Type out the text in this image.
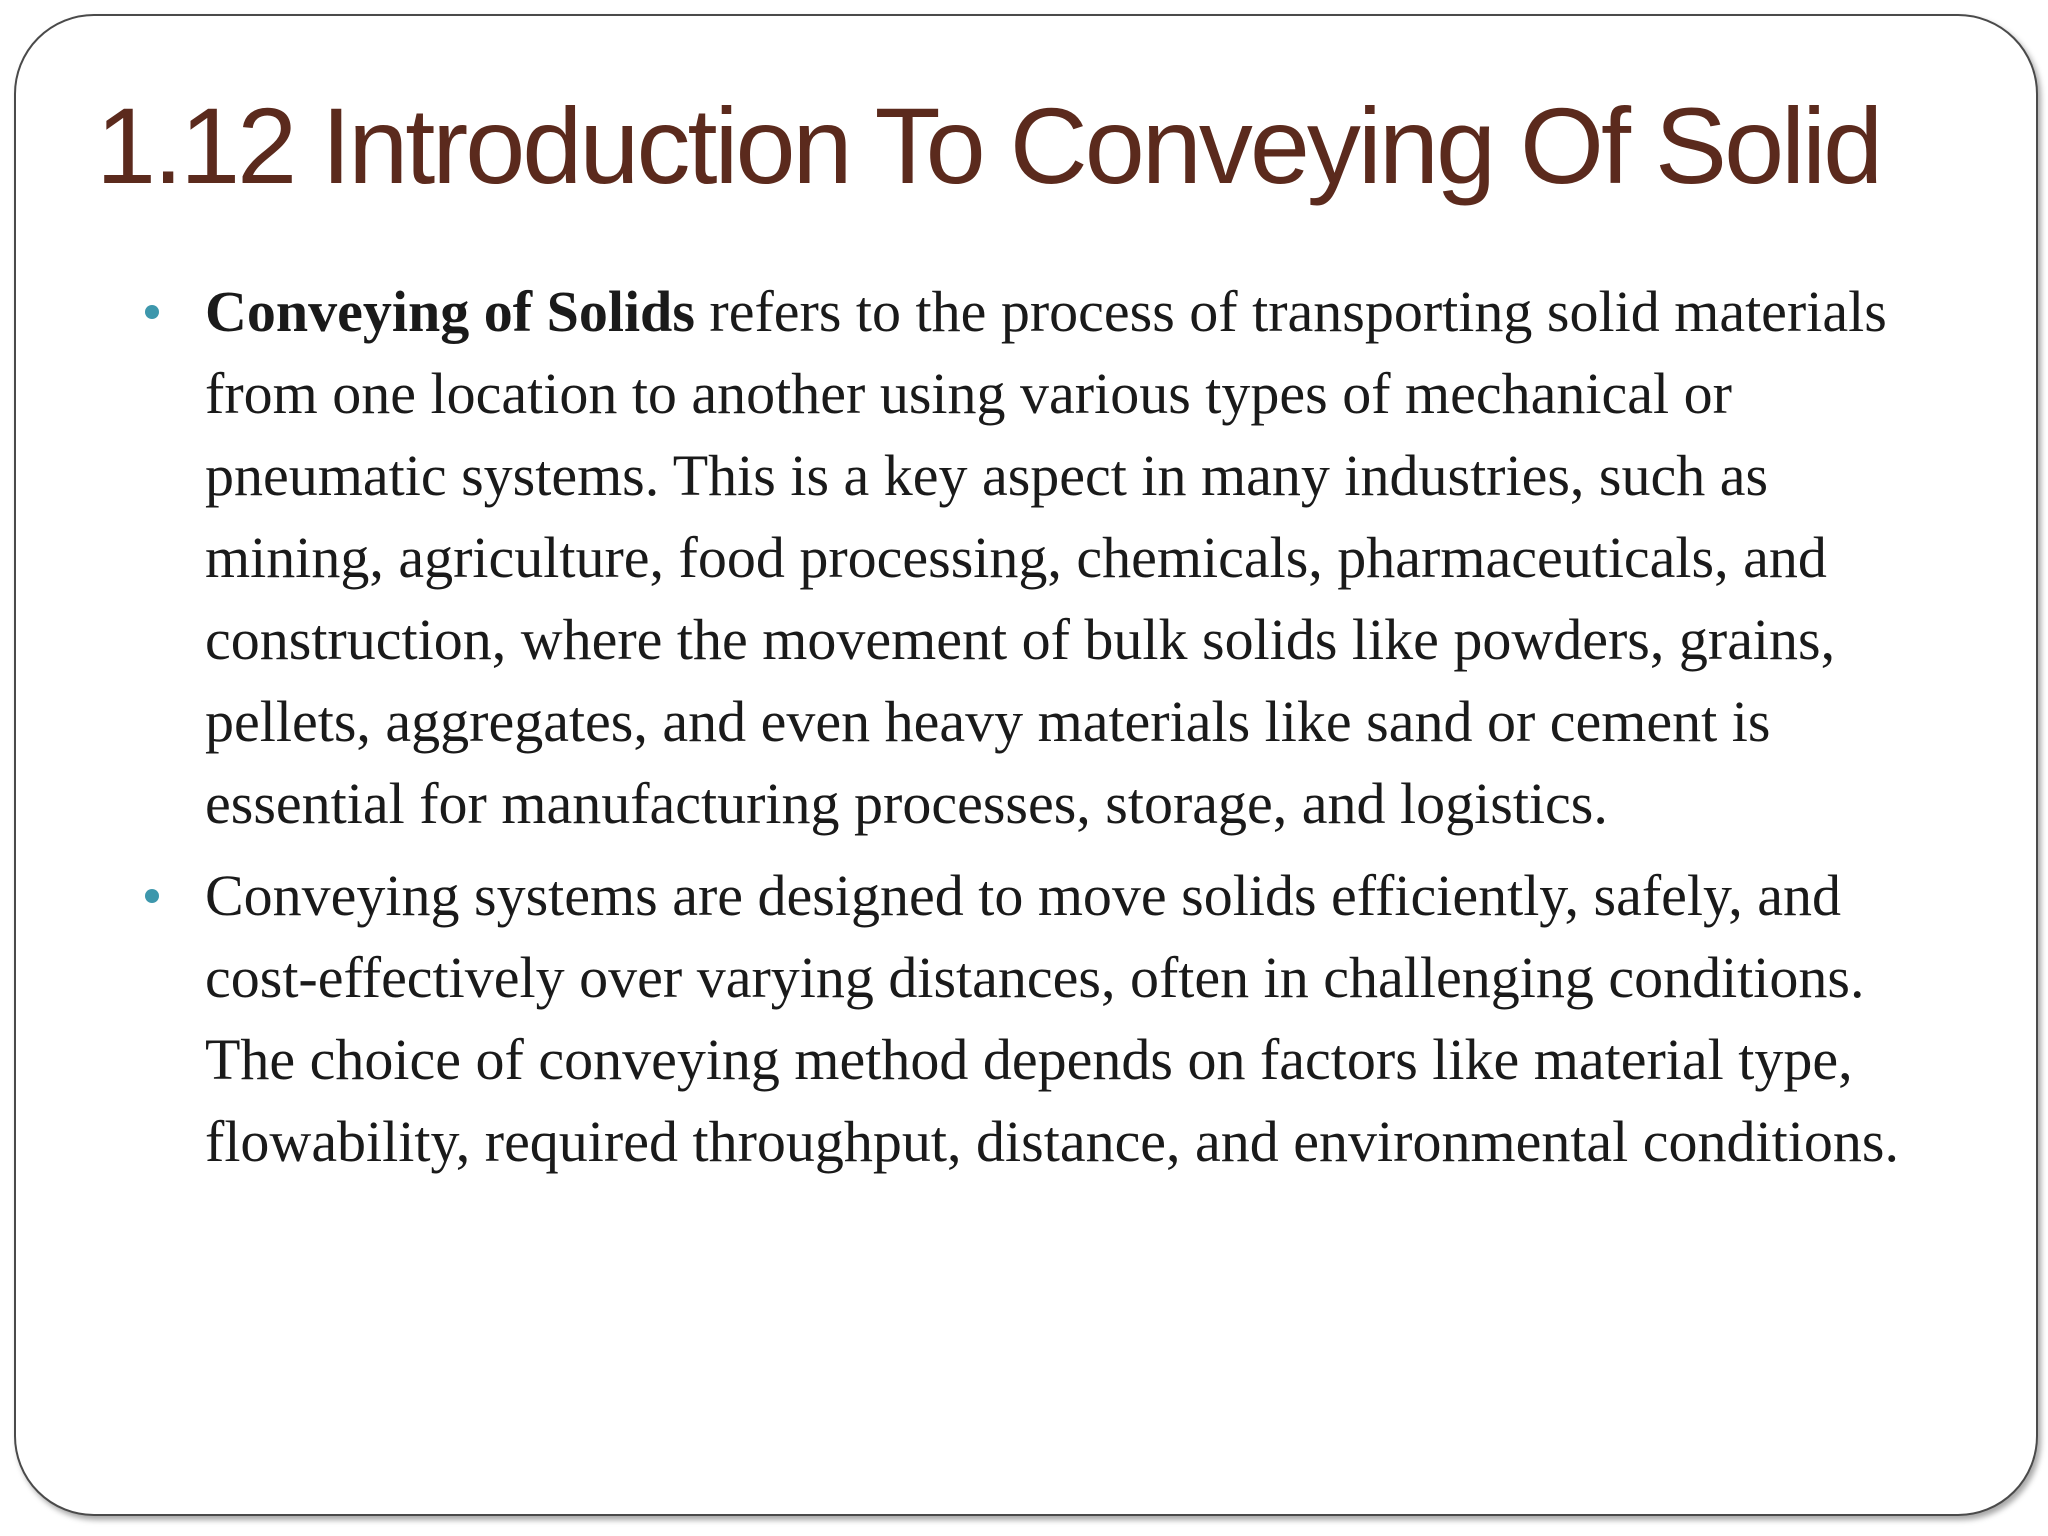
1.12 Introduction To Conveying Of Solid
Conveying of Solids refers to the process of transporting solid materials from one location to another using various types of mechanical or pneumatic systems. This is a key aspect in many industries, such as mining, agriculture, food processing, chemicals, pharmaceuticals, and construction, where the movement of bulk solids like powders, grains, pellets, aggregates, and even heavy materials like sand or cement is essential for manufacturing processes, storage, and logistics.
Conveying systems are designed to move solids efficiently, safely, and cost-effectively over varying distances, often in challenging conditions. The choice of conveying method depends on factors like material type, flowability, required throughput, distance, and environmental conditions.
